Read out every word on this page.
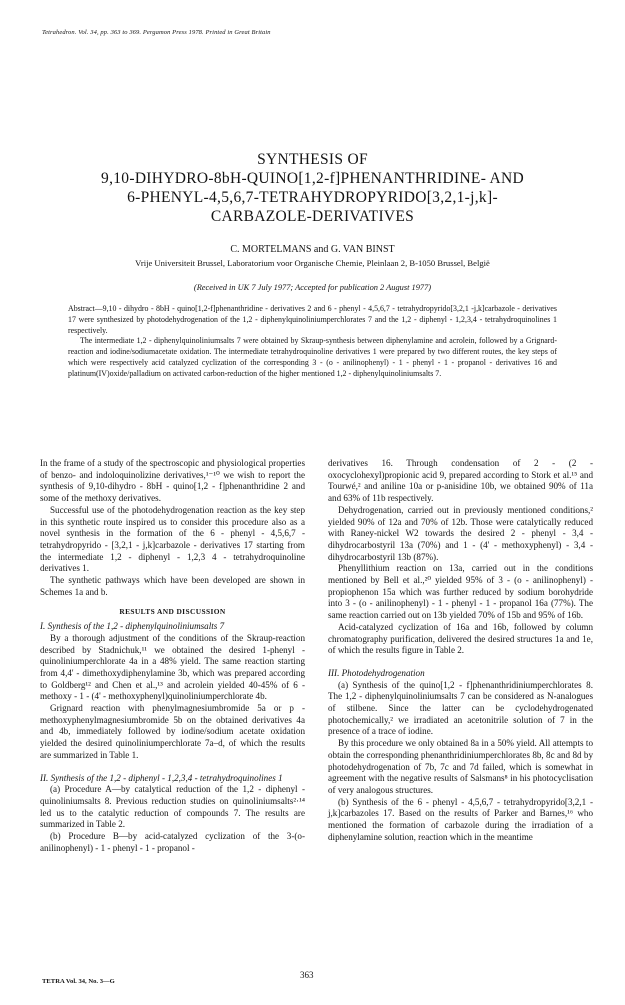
Tetrahedron. Vol. 34, pp. 363 to 369. Pergamon Press 1978. Printed in Great Britain
SYNTHESIS OF
9,10-DIHYDRO-8bH-QUINO[1,2-f]PHENANTHRIDINE- AND
6-PHENYL-4,5,6,7-TETRAHYDROPYRIDO[3,2,1-j,k]-
CARBAZOLE-DERIVATIVES
C. MORTELMANS and G. VAN BINST
Vrije Universiteit Brussel, Laboratorium voor Organische Chemie, Pleinlaan 2, B-1050 Brussel, België
(Received in UK 7 July 1977; Accepted for publication 2 August 1977)

Abstract—9,10 - dihydro - 8bH - quino[1,2-f]phenanthridine - derivatives 2 and 6 - phenyl - 4,5,6,7 - tetrahydropyrido[3,2,1 -j,k]carbazole - derivatives 17 were synthesized by photodehydrogenation of the 1,2 - diphenylquinoliniumperchlorates 7 and the 1,2 - diphenyl - 1,2,3,4 - tetrahydroquinolines 1 respectively.

The intermediate 1,2 - diphenylquinoliniumsalts 7 were obtained by Skraup-synthesis between diphenylamine and acrolein, followed by a Grignard-reaction and iodine/sodiumacetate oxidation. The intermediate tetrahydroquinoline derivatives 1 were prepared by two different routes, the key steps of which were respectively acid catalyzed cyclization of the corresponding 3 - (o - anilinophenyl) - 1 - phenyl - 1 - propanol - derivatives 16 and platinum(IV)oxide/palladium on activated carbon-reduction of the higher mentioned 1,2 - diphenylquinoliniumsalts 7.

In the frame of a study of the spectroscopic and physiological properties of benzo- and indoloquinolizine derivatives,¹⁻¹⁰ we wish to report the synthesis of 9,10-dihydro - 8bH - quino[1,2 - f]phenanthridine 2 and some of the methoxy derivatives.

Successful use of the photodehydrogenation reaction as the key step in this synthetic route inspired us to consider this procedure also as a novel synthesis in the formation of the 6 - phenyl - 4,5,6,7 - tetrahydropyrido - [3,2,1 - j,k]carbazole - derivatives 17 starting from the intermediate 1,2 - diphenyl - 1,2,3 4 - tetrahydroquinoline derivatives 1.

The synthetic pathways which have been developed are shown in Schemes 1a and b.

RESULTS AND DISCUSSION

I. Synthesis of the 1,2 - diphenylquinoliniumsalts 7

By a thorough adjustment of the conditions of the Skraup-reaction described by Stadnichuk,¹¹ we obtained the desired 1-phenyl - quinoliniumperchlorate 4a in a 48% yield. The same reaction starting from 4,4' - dimethoxydiphenylamine 3b, which was prepared according to Goldberg¹² and Chen et al.,¹³ and acrolein yielded 40-45% of 6 - methoxy - 1 - (4' - methoxyphenyl)quinoliniumperchlorate 4b.

Grignard reaction with phenylmagnesiumbromide 5a or p - methoxyphenylmagnesiumbromide 5b on the obtained derivatives 4a and 4b, immediately followed by iodine/sodium acetate oxidation yielded the desired quinoliniumperchlorate 7a–d, of which the results are summarized in Table 1.

II. Synthesis of the 1,2 - diphenyl - 1,2,3,4 - tetrahydroquinolines 1

(a) Procedure A—by catalytical reduction of the 1,2 - diphenyl - quinoliniumsalts 8. Previous reduction studies on quinoliniumsalts²·¹⁴ led us to the catalytic reduction of compounds 7. The results are summarized in Table 2.

(b) Procedure B—by acid-catalyzed cyclization of the 3-(o-anilinophenyl) - 1 - phenyl - 1 - propanol -

derivatives 16. Through condensation of 2 - (2 - oxocyclohexyl)propionic acid 9, prepared according to Stork et al.¹⁵ and Tourwé,² and aniline 10a or p-anisidine 10b, we obtained 90% of 11a and 63% of 11b respectively.

Dehydrogenation, carried out in previously mentioned conditions,² yielded 90% of 12a and 70% of 12b. Those were catalytically reduced with Raney-nickel W2 towards the desired 2 - phenyl - 3,4 - dihydrocarbostyril 13a (70%) and 1 - (4' - methoxyphenyl) - 3,4 - dihydrocarbostyril 13b (87%).

Phenyllithium reaction on 13a, carried out in the conditions mentioned by Bell et al.,²⁰ yielded 95% of 3 - (o - anilinophenyl) - propiophenon 15a which was further reduced by sodium borohydride into 3 - (o - anilinophenyl) - 1 - phenyl - 1 - propanol 16a (77%). The same reaction carried out on 13b yielded 70% of 15b and 95% of 16b.

Acid-catalyzed cyclization of 16a and 16b, followed by column chromatography purification, delivered the desired structures 1a and 1e, of which the results figure in Table 2.

III. Photodehydrogenation

(a) Synthesis of the quino[1,2 - f]phenanthridiniumperchlorates 8. The 1,2 - diphenylquinoliniumsalts 7 can be considered as N-analogues of stilbene. Since the latter can be cyclodehydrogenated photochemically,² we irradiated an acetonitrile solution of 7 in the presence of a trace of iodine.

By this procedure we only obtained 8a in a 50% yield. All attempts to obtain the corresponding phenanthridiniumperchlorates 8b, 8c and 8d by photodehydrogenation of 7b, 7c and 7d failed, which is somewhat in agreement with the negative results of Salsmans⁸ in his photocyclisation of very analogous structures.

(b) Synthesis of the 6 - phenyl - 4,5,6,7 - tetrahydropyrido[3,2,1 - j,k]carbazoles 17. Based on the results of Parker and Barnes,¹⁶ who mentioned the formation of carbazole during the irradiation of a diphenylamine solution, reaction which in the meantime

363
TETRA Vol. 34, No. 3—G
